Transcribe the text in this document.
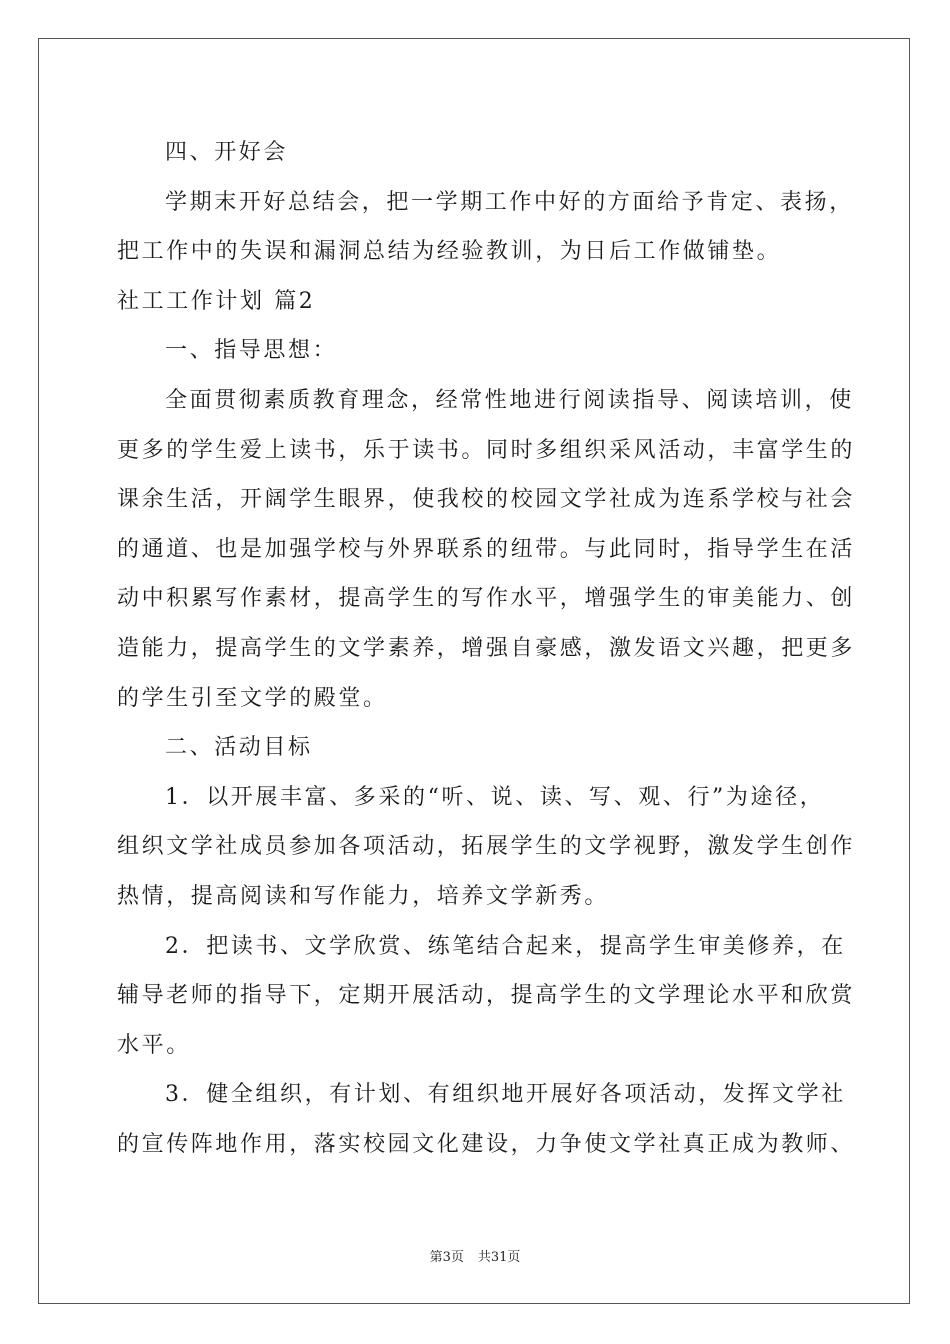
四、开好会
学期末开好总结会，把一学期工作中好的方面给予肯定、表扬，
把工作中的失误和漏洞总结为经验教训，为日后工作做铺垫。
社工工作计划 篇2
一、指导思想：
全面贯彻素质教育理念，经常性地进行阅读指导、阅读培训，使
更多的学生爱上读书，乐于读书。同时多组织采风活动，丰富学生的
课余生活，开阔学生眼界，使我校的校园文学社成为连系学校与社会
的通道、也是加强学校与外界联系的纽带。与此同时，指导学生在活
动中积累写作素材，提高学生的写作水平，增强学生的审美能力、创
造能力，提高学生的文学素养，增强自豪感，激发语文兴趣，把更多
的学生引至文学的殿堂。
二、活动目标
1．以开展丰富、多采的“听、说、读、写、观、行”为途径，
组织文学社成员参加各项活动，拓展学生的文学视野，激发学生创作
热情，提高阅读和写作能力，培养文学新秀。
2．把读书、文学欣赏、练笔结合起来，提高学生审美修养，在
辅导老师的指导下，定期开展活动，提高学生的文学理论水平和欣赏
水平。
3．健全组织，有计划、有组织地开展好各项活动，发挥文学社
的宣传阵地作用，落实校园文化建设，力争使文学社真正成为教师、
第3页 共31页
